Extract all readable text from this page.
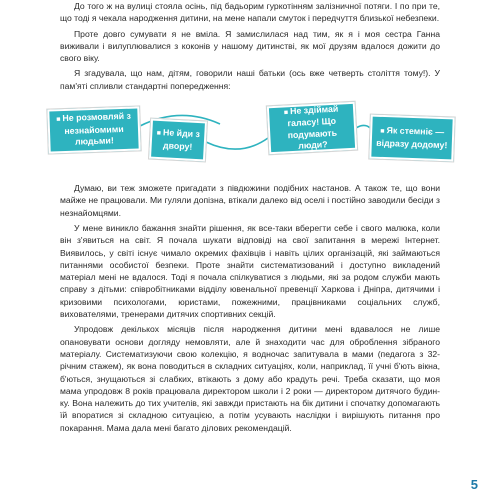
До того ж на вулиці стояла осінь, під бадьорим гуркотінням залізничної потяги. І по при те, що тоді я чекала народження дитини, на мене напали смуток і передчуття близької небезпеки.

Проте довго сумувати я не вміла. Я замислилася над тим, як я і моя сестра Ганна виживали і вилуплювалися з коконів у нашому дитинстві, як мої друзям вдалося дожити до свого віку.

Я згадувала, що нам, дітям, говорили наші батьки (ось вже четверть століття тому!). У пам'яті спливли стандартні попередження:

■ Не розмовляй з незнайомими людьми!
■ Не йди з двору!
■Не здіймай галасу! Що подумають люди?
■ Як стемніє — відразу додому!

Думаю, ви теж зможете пригадати з півдюжини подібних настанов. А також те, що вони майже не працювали. Ми гуляли допізна, втікали далеко від оселі і постійно заводили бесіди з незнайомцями.

У мене виникло бажання знайти рішення, як все-таки вберегти себе і свого малюка, коли він з'явиться на світ. Я почала шукати відповіді на свої запитання в мережі Інтернет. Виявилось, у світі існує чимало окремих фахівців і навіть цілих організацій, які займаються питаннями особистої безпеки. Проте знайти систематизований і доступно викладений матеріал мені не вдалося. Тоді я почала спілкуватися з людьми, які за родом служби мають справу з дітьми: співробітниками відділу ювенальної превенції Харкова і Дніпра, дитячими і кризовими психологами, юристами, пожежними, працівниками соціальних служб, вихователями, тренерами дитячих спортивних секцій.

Упродовж декількох місяців після народження дитини мені вдавалося не лише опановувати основи догляду немовляти, але й знаходити час для оброблення зібраного матеріалу. Систематизуючи свою колекцію, я водночас запитувала в мами (педагога з 32-річним стажем), як вона поводиться в складних ситуаціях, коли, наприклад, її учні б'ють вікна, б'ються, знущаються зі слабких, втікають з дому або крадуть речі. Треба сказати, що моя мама упродовж 8 років працювала директором школи і 2 роки — директором дитячого будин-ку. Вона належить до тих учителів, які завжди пристають на бік дитини і спочатку допомагають їй впоратися зі складною ситуацією, а потім усувають наслідки і вирішують питання про покарання. Мама дала мені багато ділових рекомендацій.

5
